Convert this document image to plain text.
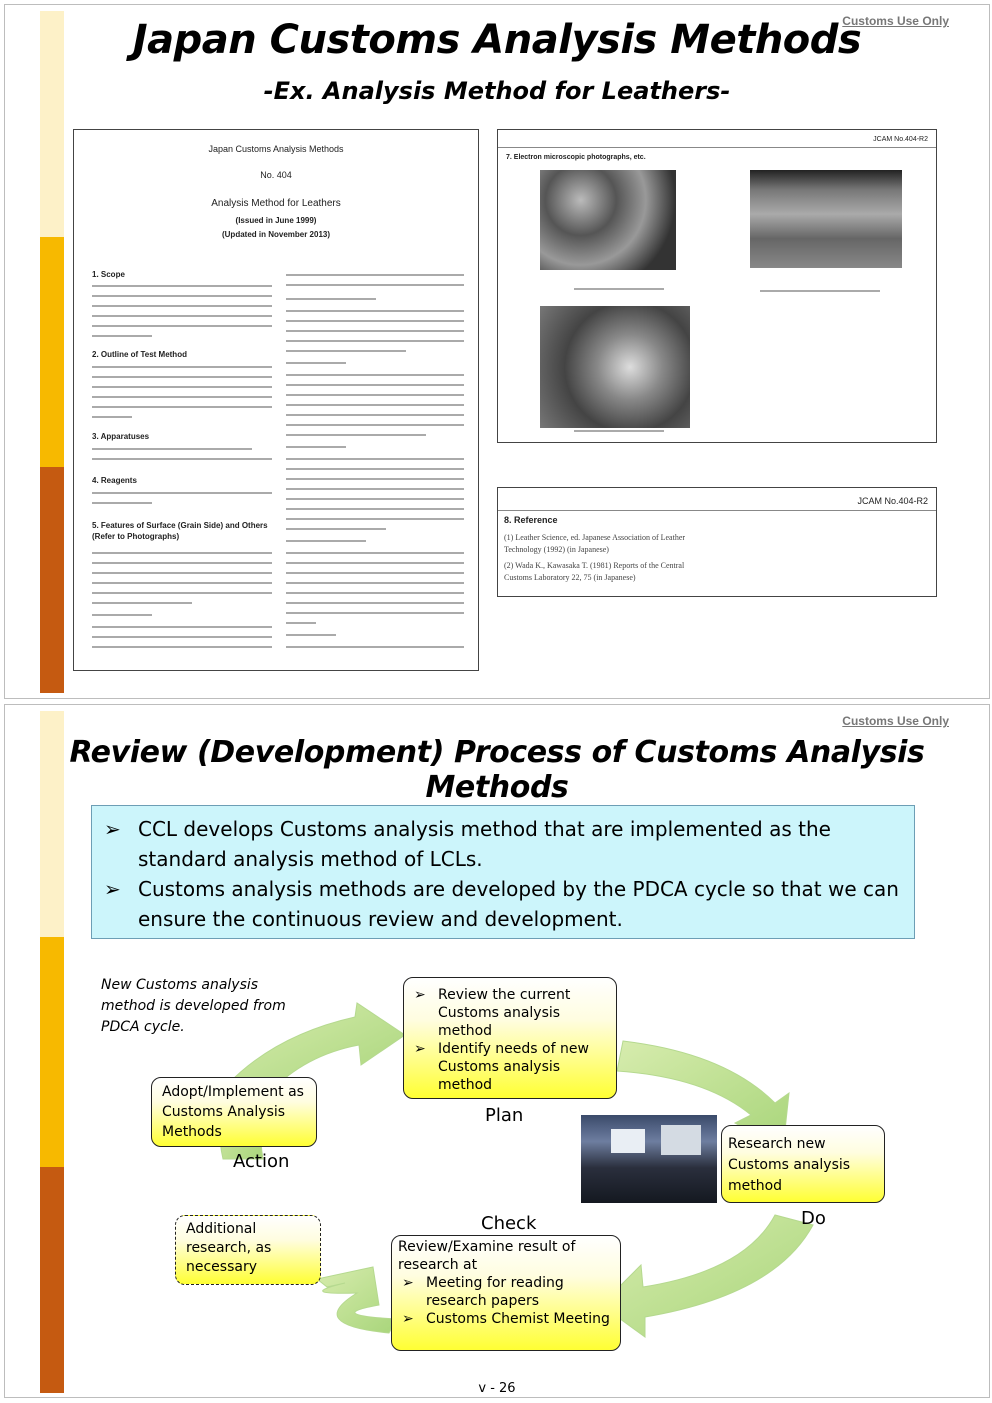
Customs Use Only
Japan Customs Analysis Methods
-Ex. Analysis Method for Leathers-
Japan Customs Analysis Methods
No. 404
Analysis Method for Leathers
(Issued in June 1999)
(Updated in November 2013)
1. Scope
2. Outline of Test Method
3. Apparatuses
4. Reagents
5. Features of Surface (Grain Side) and Others (Refer to Photographs)
JCAM No.404-R2
7. Electron microscopic photographs, etc.
JCAM No.404-R2
8. Reference
(1) Leather Science, ed. Japanese Association of Leather Technology (1992) (in Japanese)
(2) Wada K., Kawasaka T. (1981) Reports of the Central Customs Laboratory 22, 75 (in Japanese)
Customs Use Only
Review (Development) Process of Customs Analysis Methods
➢ CCL develops Customs analysis method that are implemented as the standard analysis method of LCLs.
➢ Customs analysis methods are developed by the PDCA cycle so that we can ensure the continuous review and development.
New Customs analysis method is developed from PDCA cycle.
➢ Review the current Customs analysis method
➢ Identify needs of new Customs analysis method
Plan
Research new Customs analysis method
Do
Check
Review/Examine result of research at
➢ Meeting for reading research papers
➢ Customs Chemist Meeting
Adopt/Implement as Customs Analysis Methods
Action
Additional research, as necessary
v - 26
